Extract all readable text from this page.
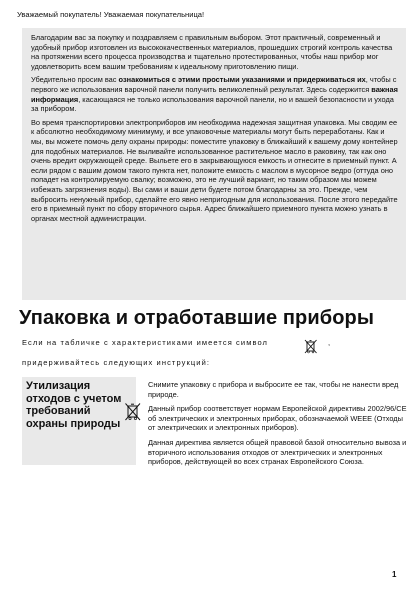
Уважаемый покупатель! Уважаемая покупательница!

Благодарим вас за покупку и поздравляем с правильным выбором. Этот практичный, современный и удобный прибор изготовлен из высококачественных материалов, прошедших строгий контроль качества на протяжении всего процесса производства и тщательно протестированных, чтобы наш прибор мог удовлетворить всем вашим требованиям к идеальному приготовлению пищи.

Убедительно просим вас ознакомиться с этими простыми указаниями и придерживаться их, чтобы с первого же использования варочной панели получить великолепный результат. Здесь содержится важная информация, касающаяся не только использования варочной панели, но и вашей безопасности и ухода за прибором.

Во время транспортировки электроприборов им необходима надежная защитная упаковка. Мы сводим ее к абсолютно необходимому минимуму, и все упаковочные материалы могут быть переработаны. Как и мы, вы можете помочь делу охраны природы: поместите упаковку в ближайший к вашему дому контейнер для подобных материалов. Не выливайте использованное растительное масло в раковину, так как оно очень вредит окружающей среде. Выльете его в закрывающуюся емкость и отнесите в приемный пункт. А если рядом с вашим домом такого пункта нет, положите емкость с маслом в мусорное ведро (оттуда оно попадет на контролируемую свалку; возможно, это не лучший вариант, но таким образом мы можем избежать загрязнения воды). Вы сами и ваши дети будете потом благодарны за это. Прежде, чем выбросить ненужный прибор, сделайте его явно непригодным для использования. После этого передайте его в приемный пункт по сбору вторичного сырья. Адрес ближайшего приемного пункта можно узнать в органах местной администрации.

Упаковка и отработавшие приборы
Если на табличке с характеристиками имеется символ	,
придерживайтесь следующих инструкций:
Утилизация отходов с учетом требований охраны природы

Снимите упаковку с прибора и выбросите ее так, чтобы не нанести вред природе.

Данный прибор соответствует нормам Европейской директивы 2002/96/CE об электрических и электронных приборах, обозначаемой WEEE (Отходы от электрических и электронных приборов).

Данная директива является общей правовой базой относительно вывоза и вторичного использования отходов от электрических и электронных приборов, действующей во всех странах Европейского Союза.

1
